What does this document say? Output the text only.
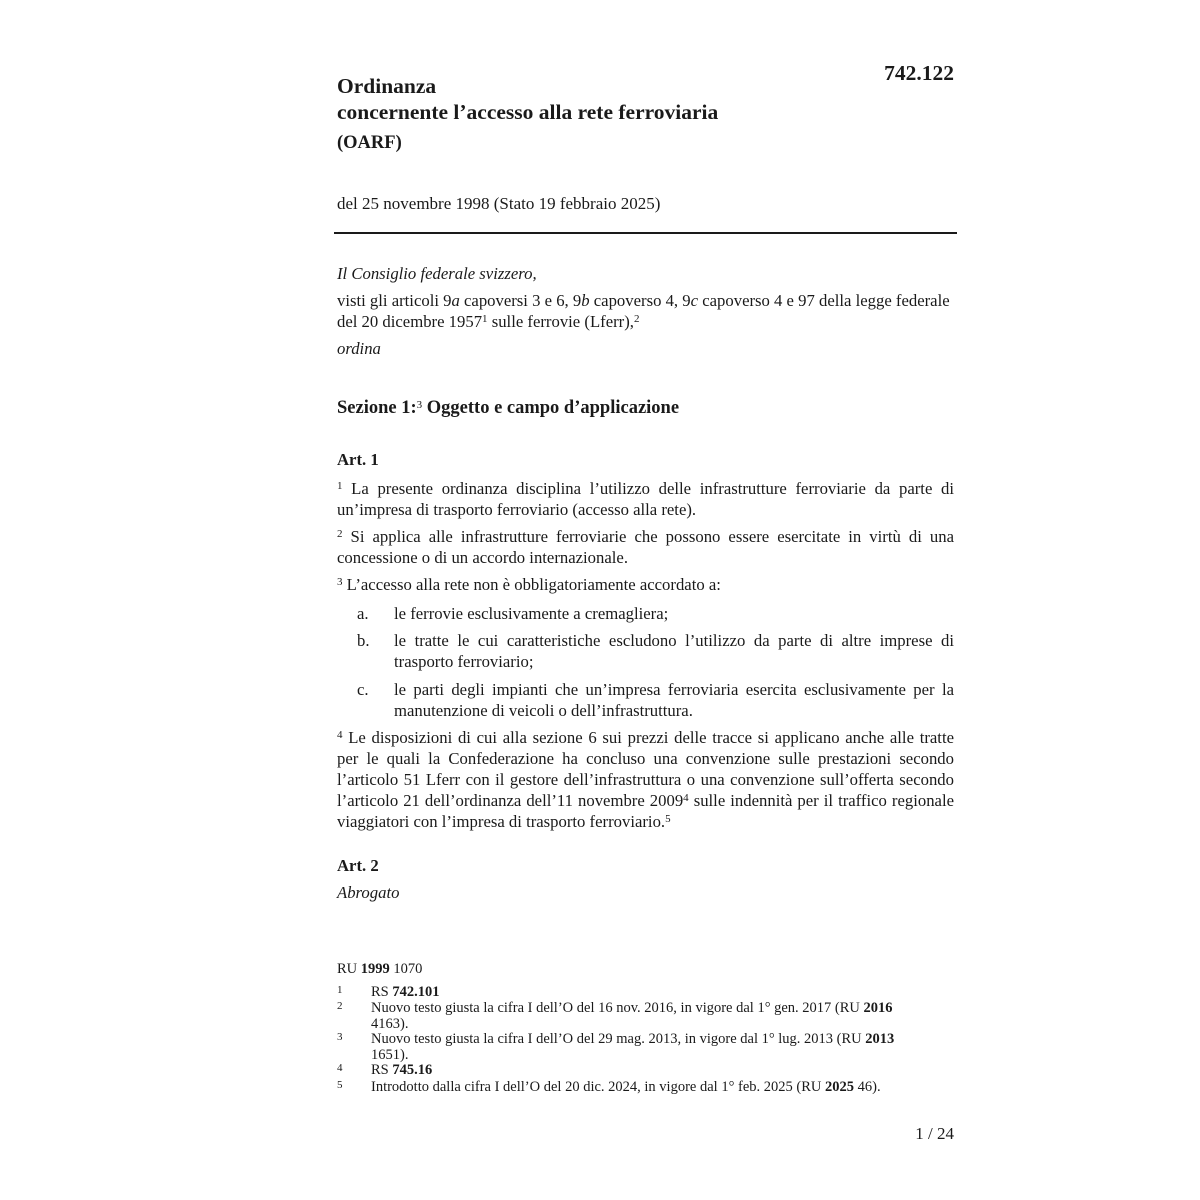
Ordinanza
concernente l’accesso alla rete ferroviaria
(OARF)
742.122
del 25 novembre 1998 (Stato 19 febbraio 2025)

Il Consiglio federale svizzero,

visti gli articoli 9a capoversi 3 e 6, 9b capoverso 4, 9c capoverso 4 e 97 della legge federale del 20 dicembre 1957$^1$ sulle ferrovie (Lferr),$^2$

ordina

Sezione 1:$^3$ Oggetto e campo d’applicazione
Art. 1

$^1$ La presente ordinanza disciplina l’utilizzo delle infrastrutture ferroviarie da parte di un’impresa di trasporto ferroviario (accesso alla rete).

$^2$ Si applica alle infrastrutture ferroviarie che possono essere esercitate in virtù di una concessione o di un accordo internazionale.

$^3$ L’accesso alla rete non è obbligatoriamente accordato a:

a.	le ferrovie esclusivamente a cremagliera;
b.	le tratte le cui caratteristiche escludono l’utilizzo da parte di altre imprese di trasporto ferroviario;
c.	le parti degli impianti che un’impresa ferroviaria esercita esclusivamente per la manutenzione di veicoli o dell’infrastruttura.

$^4$ Le disposizioni di cui alla sezione 6 sui prezzi delle tracce si applicano anche alle tratte per le quali la Confederazione ha concluso una convenzione sulle prestazioni secondo l’articolo 51 Lferr con il gestore dell’infrastruttura o una convenzione sull’offerta secondo l’articolo 21 dell’ordinanza dell’11 novembre 2009$^4$ sulle indennità per il traffico regionale viaggiatori con l’impresa di trasporto ferroviario.$^5$

Art. 2
Abrogato
RU 1999 1070
1 RS 742.101
2 Nuovo testo giusta la cifra I dell’O del 16 nov. 2016, in vigore dal 1° gen. 2017 (RU 2016 4163).
3 Nuovo testo giusta la cifra I dell’O del 29 mag. 2013, in vigore dal 1° lug. 2013 (RU 2013 1651).
4 RS 745.16
5 Introdotto dalla cifra I dell’O del 20 dic. 2024, in vigore dal 1° feb. 2025 (RU 2025 46).
1 / 24
